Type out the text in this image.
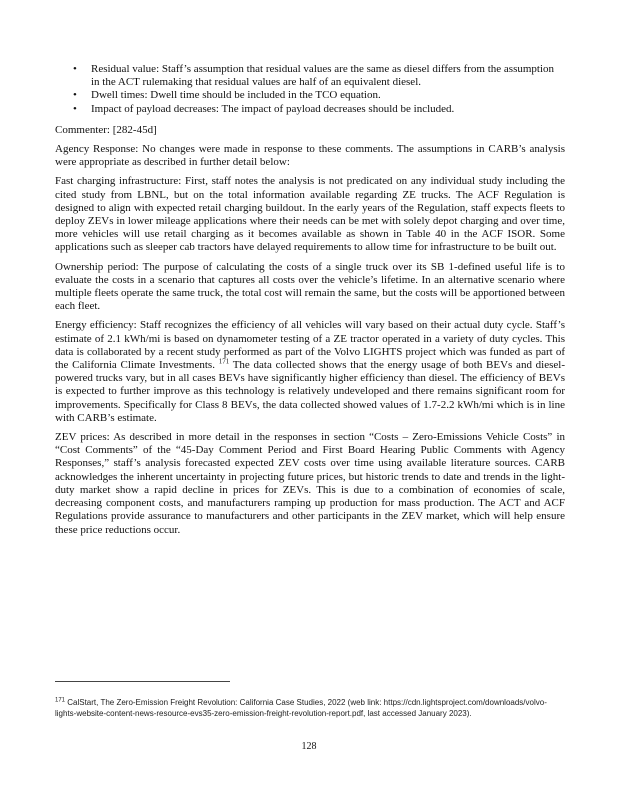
• Residual value: Staff’s assumption that residual values are the same as diesel differs from the assumption in the ACT rulemaking that residual values are half of an equivalent diesel.
• Dwell times: Dwell time should be included in the TCO equation.
• Impact of payload decreases: The impact of payload decreases should be included.

Commenter: [282-45d]

Agency Response: No changes were made in response to these comments. The assumptions in CARB’s analysis were appropriate as described in further detail below:

Fast charging infrastructure: First, staff notes the analysis is not predicated on any individual study including the cited study from LBNL, but on the total information available regarding ZE trucks. The ACF Regulation is designed to align with expected retail charging buildout. In the early years of the Regulation, staff expects fleets to deploy ZEVs in lower mileage applications where their needs can be met with solely depot charging and over time, more vehicles will use retail charging as it becomes available as shown in Table 40 in the ACF ISOR. Some applications such as sleeper cab tractors have delayed requirements to allow time for infrastructure to be built out.

Ownership period: The purpose of calculating the costs of a single truck over its SB 1-defined useful life is to evaluate the costs in a scenario that captures all costs over the vehicle’s lifetime. In an alternative scenario where multiple fleets operate the same truck, the total cost will remain the same, but the costs will be apportioned between each fleet.

Energy efficiency: Staff recognizes the efficiency of all vehicles will vary based on their actual duty cycle. Staff’s estimate of 2.1 kWh/mi is based on dynamometer testing of a ZE tractor operated in a variety of duty cycles. This data is collaborated by a recent study performed as part of the Volvo LIGHTS project which was funded as part of the California Climate Investments. $^{171}$ The data collected shows that the energy usage of both BEVs and diesel-powered trucks vary, but in all cases BEVs have significantly higher efficiency than diesel. The efficiency of BEVs is expected to further improve as this technology is relatively undeveloped and there remains significant room for improvements. Specifically for Class 8 BEVs, the data collected showed values of 1.7-2.2 kWh/mi which is in line with CARB’s estimate.

ZEV prices: As described in more detail in the responses in section “Costs – Zero-Emissions Vehicle Costs” in “Cost Comments” of the “45-Day Comment Period and First Board Hearing Public Comments with Agency Responses,” staff’s analysis forecasted expected ZEV costs over time using available literature sources. CARB acknowledges the inherent uncertainty in projecting future prices, but historic trends to date and trends in the light-duty market show a rapid decline in prices for ZEVs. This is due to a combination of economies of scale, decreasing component costs, and manufacturers ramping up production for mass production. The ACT and ACF Regulations provide assurance to manufacturers and other participants in the ZEV market, which will help ensure these price reductions occur.

$^{171}$ CalStart, The Zero-Emission Freight Revolution: California Case Studies, 2022 (web link: https://cdn.lightsproject.com/downloads/volvo-lights-website-content-news-resource-evs35-zero-emission-freight-revolution-report.pdf, last accessed January 2023).
128
